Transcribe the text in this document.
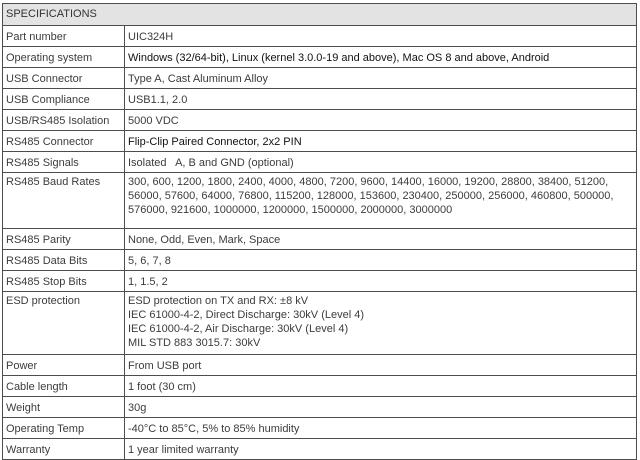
SPECIFICATIONS	
Part number	UIC324H
Operating system	Windows (32/64-bit), Linux (kernel 3.0.0-19 and above), Mac OS 8 and above, Android
USB Connector	Type A, Cast Aluminum Alloy
USB Compliance	USB1.1, 2.0
USB/RS485 Isolation	5000 VDC
RS485 Connector	Flip-Clip Paired Connector, 2x2 PIN
RS485 Signals	Isolated   A, B and GND (optional)
RS485 Baud Rates	300, 600, 1200, 1800, 2400, 4000, 4800, 7200, 9600, 14400, 16000, 19200, 28800, 38400, 51200,
56000, 57600, 64000, 76800, 115200, 128000, 153600, 230400, 250000, 256000, 460800, 500000,
576000, 921600, 1000000, 1200000, 1500000, 2000000, 3000000

RS485 Parity	None, Odd, Even, Mark, Space
RS485 Data Bits	5, 6, 7, 8
RS485 Stop Bits	1, 1.5, 2
ESD protection	ESD protection on TX and RX: ±8 kV
IEC 61000-4-2, Direct Discharge: 30kV (Level 4)
IEC 61000-4-2, Air Discharge: 30kV (Level 4)
MIL STD 883 3015.7: 30kV

Power	From USB port
Cable length	1 foot (30 cm)
Weight	30g
Operating Temp	-40°C to 85°C, 5% to 85% humidity
Warranty	1 year limited warranty
